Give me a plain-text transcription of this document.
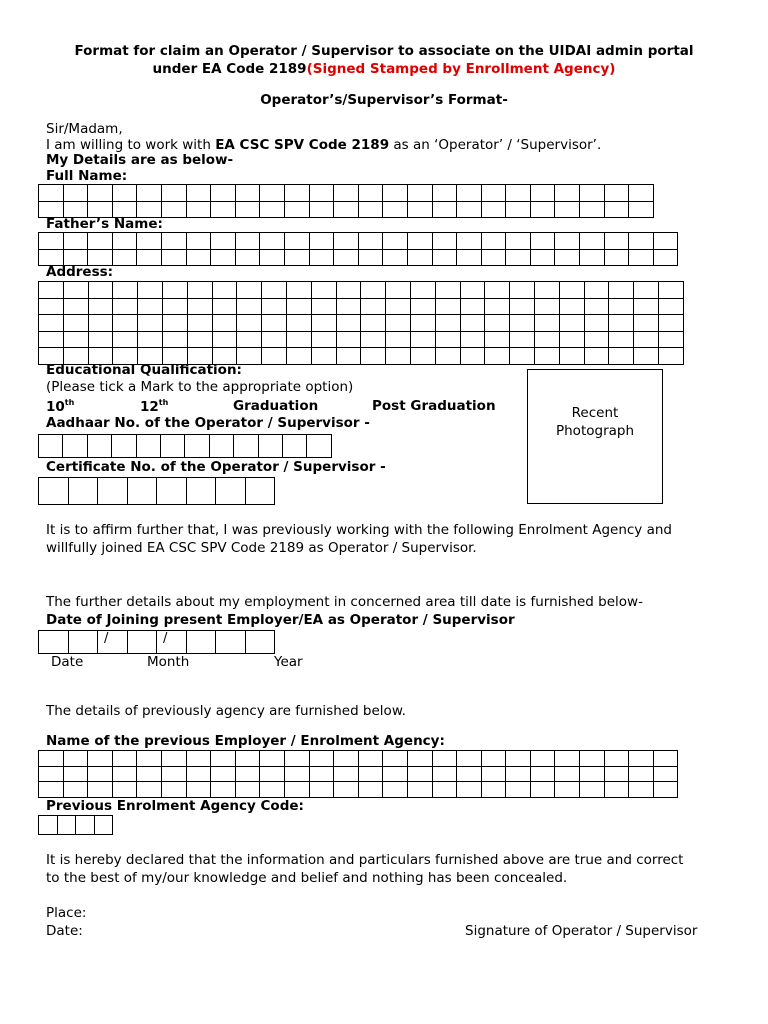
Format for claim an Operator / Supervisor to associate on the UIDAI admin portal
under EA Code 2189(Signed Stamped by Enrollment Agency)
Operator’s/Supervisor’s Format-
Sir/Madam,
I am willing to work with EA CSC SPV Code 2189 as an ‘Operator’ / ‘Supervisor’.
My Details are as below-
Full Name:

Father’s Name:

Address:

Educational Qualification:
(Please tick a Mark to the appropriate option)
10th	12th	Graduation	Post Graduation	Recent
Photograph
Aadhaar No. of the Operator / Supervisor -

Certificate No. of the Operator / Supervisor -

It is to affirm further that, I was previously working with the following Enrolment Agency and
willfully joined EA CSC SPV Code 2189 as Operator / Supervisor.
The further details about my employment in concerned area till date is furnished below-
Date of Joining present Employer/EA as Operator / Supervisor
		/		/			
Date	Month	Year
The details of previously agency are furnished below.
Name of the previous Employer / Enrolment Agency:

Previous Enrolment Agency Code:

It is hereby declared that the information and particulars furnished above are true and correct
to the best of my/our knowledge and belief and nothing has been concealed.
Place:
Date:	Signature of Operator / Supervisor
